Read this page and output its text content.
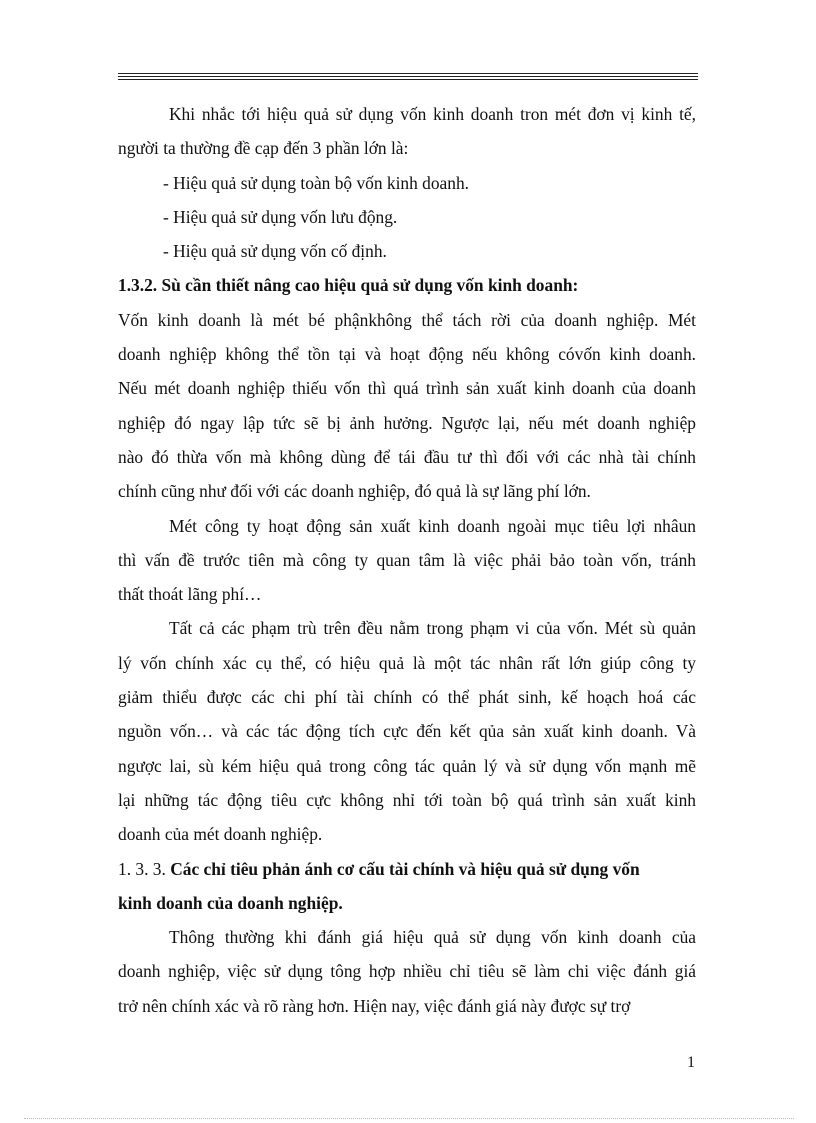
Khi nhắc tới hiệu quả sử dụng vốn kinh doanh tron mét đơn vị kinh tế,
người ta thường đề cạp đến 3 phần lớn là:
- Hiệu quả sử dụng toàn bộ vốn kinh doanh.
- Hiệu quả sử dụng vốn lưu động.
- Hiệu quả sử dụng vốn cố định.
1.3.2. Sù cần thiết nâng cao hiệu quả sử dụng vốn kinh doanh:
Vốn kinh doanh là mét bé phậnkhông thể tách rời của doanh nghiệp. Mét
doanh nghiệp không thể tồn tại và hoạt động nếu không cóvốn kinh doanh.
Nếu mét doanh nghiệp thiếu vốn thì quá trình sản xuất kinh doanh của doanh
nghiệp đó ngay lập tức sẽ bị ảnh hưởng. Ngược lại, nếu mét doanh nghiệp
nào đó thừa vốn mà không dùng để tái đầu tư thì đối với các nhà tài chính
chính cũng như đối với các doanh nghiệp, đó quả là sự lãng phí lớn.
Mét công ty hoạt động sản xuất kinh doanh ngoài mục tiêu lợi nhâun
thì vấn đề trước tiên mà công ty quan tâm là việc phải bảo toàn vốn, tránh
thất thoát lãng phí…
Tất cả các phạm trù trên đều nằm trong phạm vi của vốn. Mét sù quản
lý vốn chính xác cụ thể, có hiệu quả là một tác nhân rất lớn giúp công ty
giảm thiểu được các chi phí tài chính có thể phát sinh, kế hoạch hoá các
nguồn vốn… và các tác động tích cực đến kết qủa sản xuất kinh doanh. Và
ngược lai, sù kém hiệu quả trong công tác quản lý và sử dụng vốn mạnh mẽ
lại những tác động tiêu cực không nhỉ tới toàn bộ quá trình sản xuất kinh
doanh của mét doanh nghiệp.
1. 3. 3. Các chỉ tiêu phản ánh cơ cấu tài chính và hiệu quả sử dụng vốn
kinh doanh của doanh nghiệp.
Thông thường khi đánh giá hiệu quả sử dụng vốn kinh doanh của
doanh nghiệp, việc sử dụng tông hợp nhiều chỉ tiêu sẽ làm chi việc đánh giá
trở nên chính xác và rõ ràng hơn. Hiện nay, việc đánh giá này được sự trợ
1
